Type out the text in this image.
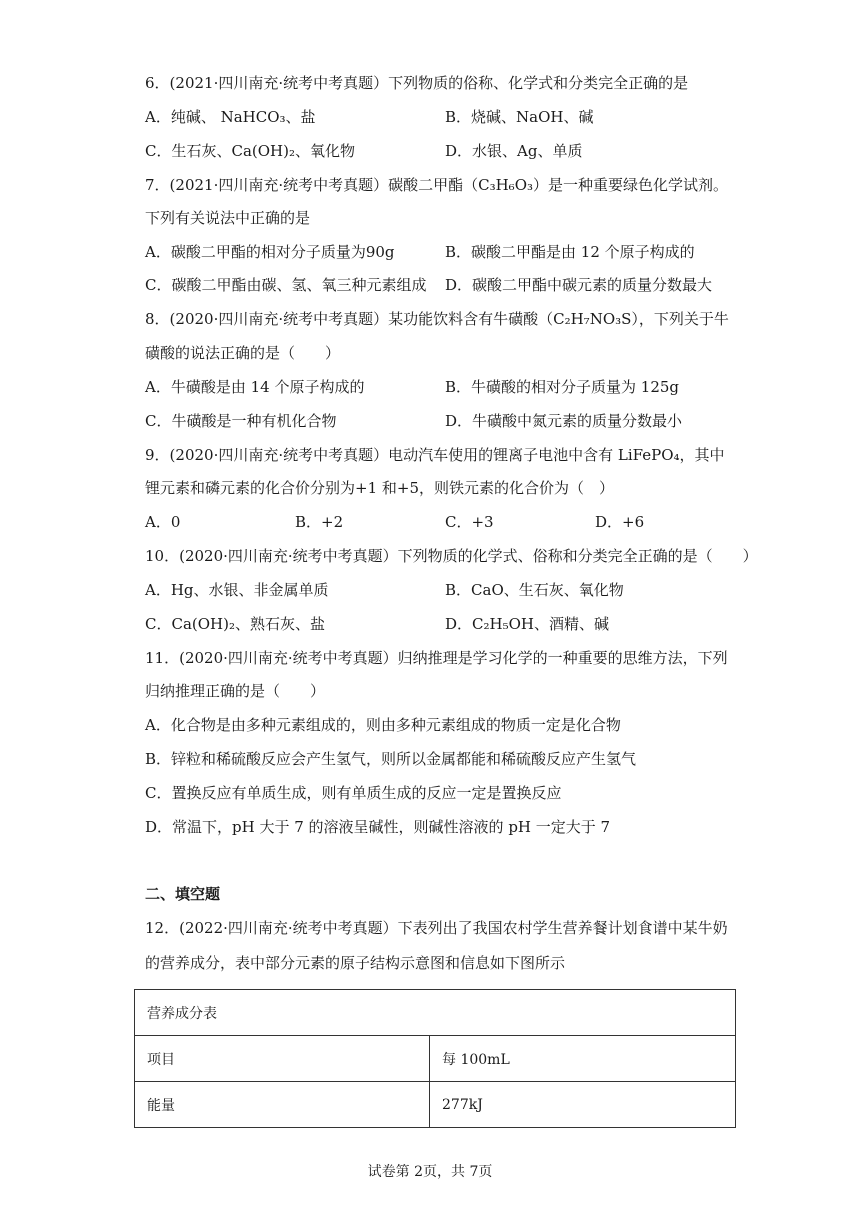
6．(2021·四川南充·统考中考真题）下列物质的俗称、化学式和分类完全正确的是
A．纯碱、 NaHCO₃、盐	B．烧碱、NaOH、碱
C．生石灰、Ca(OH)₂、氧化物	D．水银、Ag、单质
7．(2021·四川南充·统考中考真题）碳酸二甲酯（C₃H₆O₃）是一种重要绿色化学试剂。
下列有关说法中正确的是
A．碳酸二甲酯的相对分子质量为90g	B．碳酸二甲酯是由 12 个原子构成的
C．碳酸二甲酯由碳、氢、氧三种元素组成 D．碳酸二甲酯中碳元素的质量分数最大
8．(2020·四川南充·统考中考真题）某功能饮料含有牛磺酸（C₂H₇NO₃S），下列关于牛
磺酸的说法正确的是（　　）
A．牛磺酸是由 14 个原子构成的	B．牛磺酸的相对分子质量为 125g
C．牛磺酸是一种有机化合物	D．牛磺酸中氮元素的质量分数最小
9．(2020·四川南充·统考中考真题）电动汽车使用的锂离子电池中含有 LiFePO₄，其中
锂元素和磷元素的化合价分别为+1 和+5，则铁元素的化合价为（　）
A．0	B．+2	C．+3	D．+6
10．(2020·四川南充·统考中考真题）下列物质的化学式、俗称和分类完全正确的是（　　）
A．Hg、水银、非金属单质	B．CaO、生石灰、氧化物
C．Ca(OH)₂、熟石灰、盐	D．C₂H₅OH、酒精、碱
11．(2020·四川南充·统考中考真题）归纳推理是学习化学的一种重要的思维方法，下列
归纳推理正确的是（　　）
A．化合物是由多种元素组成的，则由多种元素组成的物质一定是化合物
B．锌粒和稀硫酸反应会产生氢气，则所以金属都能和稀硫酸反应产生氢气
C．置换反应有单质生成，则有单质生成的反应一定是置换反应
D．常温下，pH 大于 7 的溶液呈碱性，则碱性溶液的 pH 一定大于 7
二、填空题
12．(2022·四川南充·统考中考真题）下表列出了我国农村学生营养餐计划食谱中某牛奶
的营养成分，表中部分元素的原子结构示意图和信息如下图所示
营养成分表	
项目	每 100mL
能量	277kJ
试卷第 2页，共 7页
